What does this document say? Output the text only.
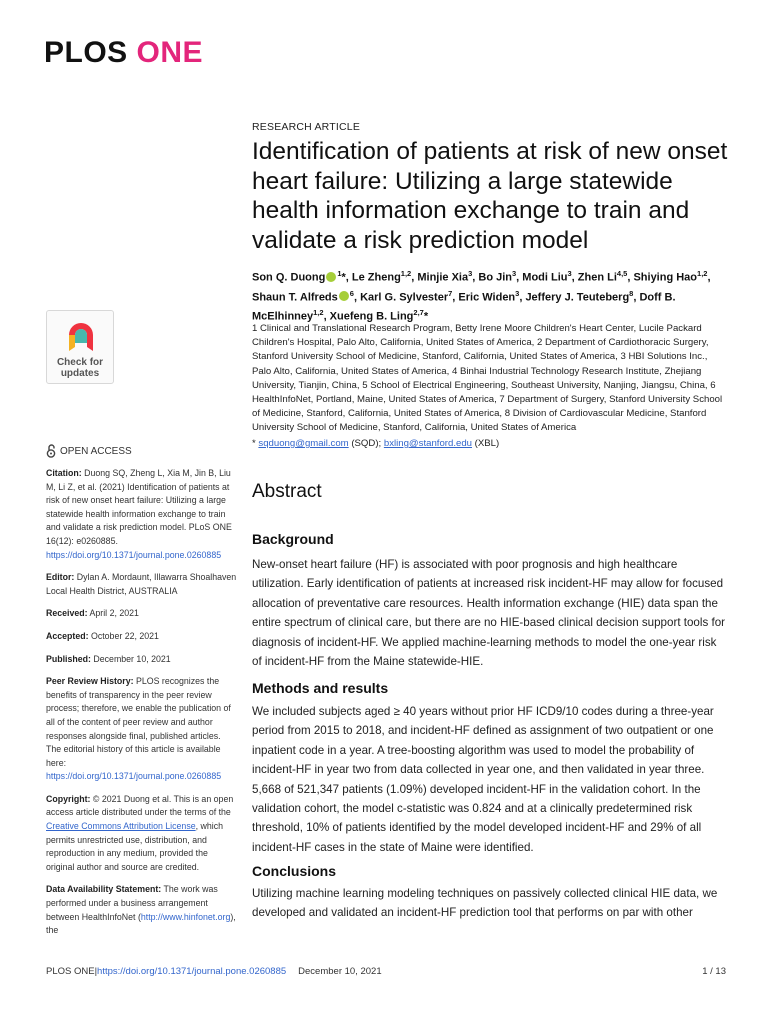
PLOS ONE
RESEARCH ARTICLE
Identification of patients at risk of new onset heart failure: Utilizing a large statewide health information exchange to train and validate a risk prediction model
Son Q. Duong $^1$*, Le Zheng$^{1,2}$, Minjie Xia$^3$, Bo Jin$^3$, Modi Liu$^3$, Zhen Li$^{4,5}$, Shiying Hao$^{1,2}$, Shaun T. Alfreds $^6$, Karl G. Sylvester$^7$, Eric Widen$^3$, Jeffery J. Teuteberg$^8$, Doff B. McElhinney$^{1,2}$, Xuefeng B. Ling$^{2,7}$*
1 Clinical and Translational Research Program, Betty Irene Moore Children's Heart Center, Lucile Packard Children's Hospital, Palo Alto, California, United States of America, 2 Department of Cardiothoracic Surgery, Stanford University School of Medicine, Stanford, California, United States of America, 3 HBI Solutions Inc., Palo Alto, California, United States of America, 4 Binhai Industrial Technology Research Institute, Zhejiang University, Tianjin, China, 5 School of Electrical Engineering, Southeast University, Nanjing, Jiangsu, China, 6 HealthInfoNet, Portland, Maine, United States of America, 7 Department of Surgery, Stanford University School of Medicine, Stanford, California, United States of America, 8 Division of Cardiovascular Medicine, Stanford University School of Medicine, Stanford, California, United States of America
* sqduong@gmail.com (SQD); bxling@stanford.edu (XBL)
Check for
updates
OPEN ACCESS
Citation: Duong SQ, Zheng L, Xia M, Jin B, Liu M, Li Z, et al. (2021) Identification of patients at risk of new onset heart failure: Utilizing a large statewide health information exchange to train and validate a risk prediction model. PLoS ONE 16(12): e0260885. https://doi.org/10.1371/journal.pone.0260885
Editor: Dylan A. Mordaunt, Illawarra Shoalhaven Local Health District, AUSTRALIA
Received: April 2, 2021
Accepted: October 22, 2021
Published: December 10, 2021
Peer Review History: PLOS recognizes the benefits of transparency in the peer review process; therefore, we enable the publication of all of the content of peer review and author responses alongside final, published articles. The editorial history of this article is available here: https://doi.org/10.1371/journal.pone.0260885
Copyright: © 2021 Duong et al. This is an open access article distributed under the terms of the Creative Commons Attribution License, which permits unrestricted use, distribution, and reproduction in any medium, provided the original author and source are credited.
Data Availability Statement: The work was performed under a business arrangement between HealthInfoNet (http://www.hinfonet.org), the
Abstract
Background

New-onset heart failure (HF) is associated with poor prognosis and high healthcare utilization. Early identification of patients at increased risk incident-HF may allow for focused allocation of preventative care resources. Health information exchange (HIE) data span the entire spectrum of clinical care, but there are no HIE-based clinical decision support tools for diagnosis of incident-HF. We applied machine-learning methods to model the one-year risk of incident-HF from the Maine statewide-HIE.

Methods and results

We included subjects aged ≥ 40 years without prior HF ICD9/10 codes during a three-year period from 2015 to 2018, and incident-HF defined as assignment of two outpatient or one inpatient code in a year. A tree-boosting algorithm was used to model the probability of incident-HF in year two from data collected in year one, and then validated in year three. 5,668 of 521,347 patients (1.09%) developed incident-HF in the validation cohort. In the validation cohort, the model c-statistic was 0.824 and at a clinically predetermined risk threshold, 10% of patients identified by the model developed incident-HF and 29% of all incident-HF cases in the state of Maine were identified.

Conclusions

Utilizing machine learning modeling techniques on passively collected clinical HIE data, we developed and validated an incident-HF prediction tool that performs on par with other

PLOS ONE | https://doi.org/10.1371/journal.pone.0260885 December 10, 2021	1 / 13
